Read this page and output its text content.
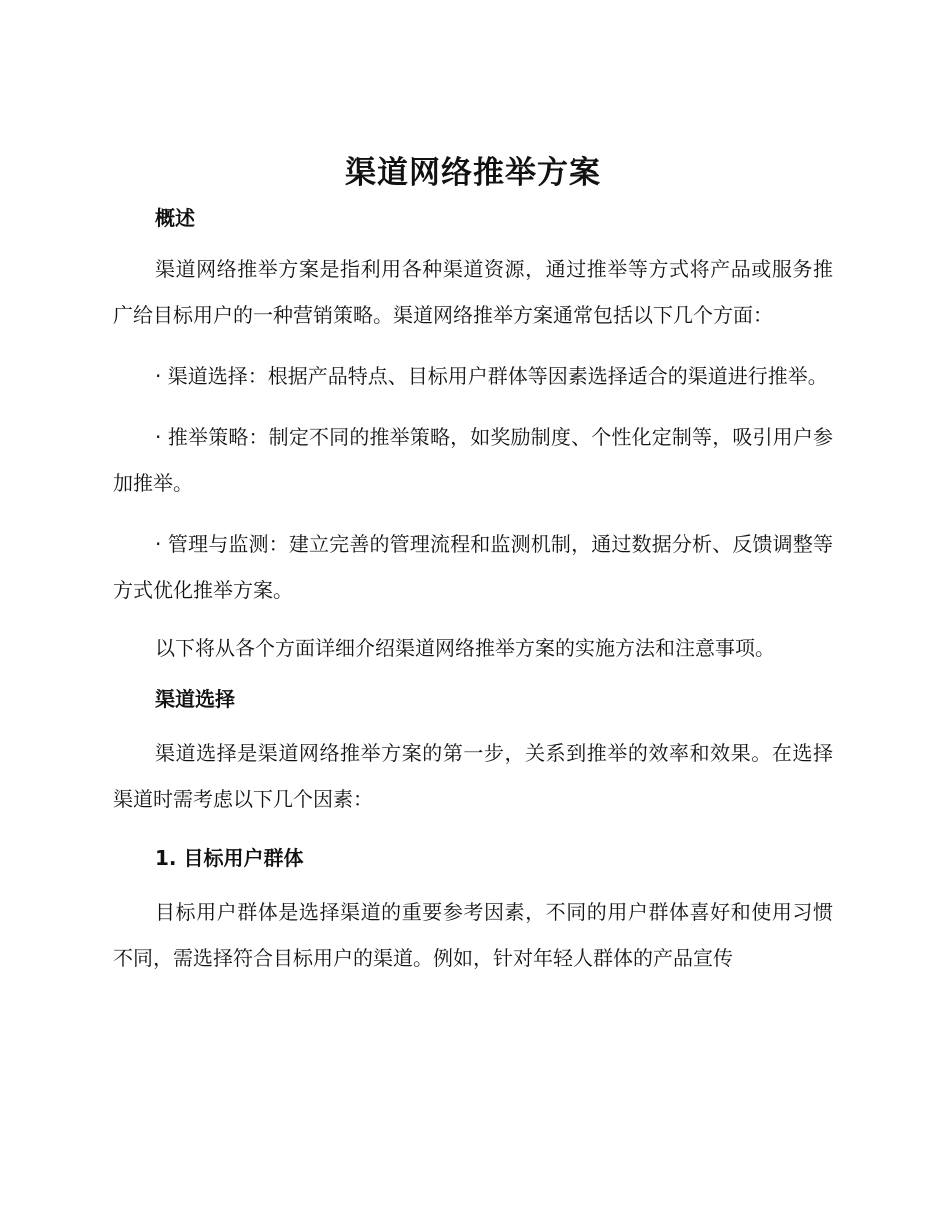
渠道网络推举方案
概述

渠道网络推举方案是指利用各种渠道资源，通过推举等方式将产品或服务推广给目标用户的一种营销策略。渠道网络推举方案通常包括以下几个方面：

· 渠道选择：根据产品特点、目标用户群体等因素选择适合的渠道进行推举。

· 推举策略：制定不同的推举策略，如奖励制度、个性化定制等，吸引用户参加推举。

· 管理与监测：建立完善的管理流程和监测机制，通过数据分析、反馈调整等方式优化推举方案。

以下将从各个方面详细介绍渠道网络推举方案的实施方法和注意事项。

渠道选择

渠道选择是渠道网络推举方案的第一步，关系到推举的效率和效果。在选择渠道时需考虑以下几个因素：

1. 目标用户群体

目标用户群体是选择渠道的重要参考因素，不同的用户群体喜好和使用习惯不同，需选择符合目标用户的渠道。例如，针对年轻人群体的产品宣传
